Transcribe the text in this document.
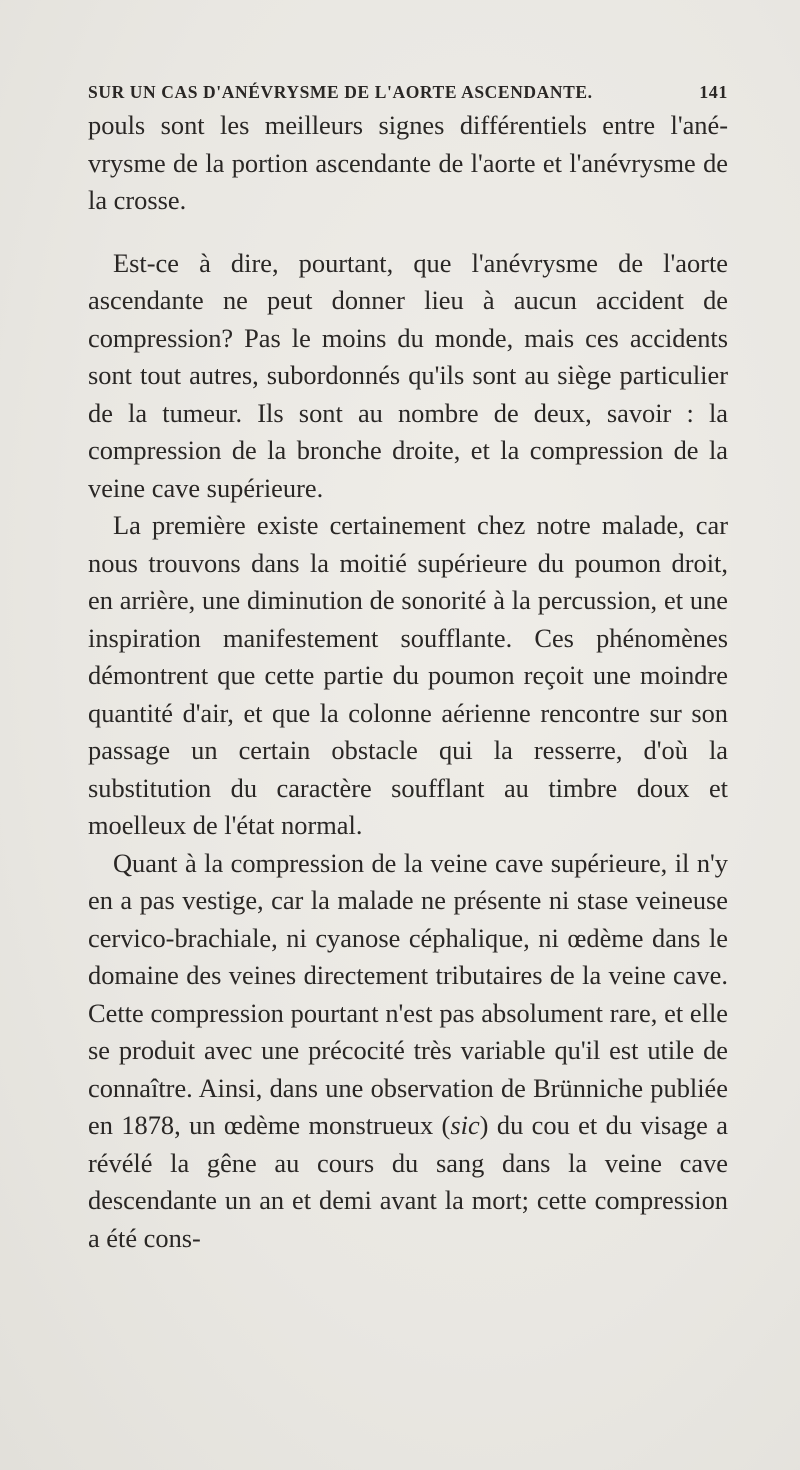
SUR UN CAS D'ANÉVRYSME DE L'AORTE ASCENDANTE.	141

pouls sont les meilleurs signes différentiels entre l'anévrysme de la portion ascendante de l'aorte et l'anévrysme de la crosse.

Est-ce à dire, pourtant, que l'anévrysme de l'aorte ascendante ne peut donner lieu à aucun accident de compression? Pas le moins du monde, mais ces accidents sont tout autres, subordonnés qu'ils sont au siège particulier de la tumeur. Ils sont au nombre de deux, savoir : la compression de la bronche droite, et la compression de la veine cave supérieure.

La première existe certainement chez notre malade, car nous trouvons dans la moitié supérieure du poumon droit, en arrière, une diminution de sonorité à la percussion, et une inspiration manifestement soufflante. Ces phénomènes démontrent que cette partie du poumon reçoit une moindre quantité d'air, et que la colonne aérienne rencontre sur son passage un certain obstacle qui la resserre, d'où la substitution du caractère soufflant au timbre doux et moelleux de l'état normal.

Quant à la compression de la veine cave supérieure, il n'y en a pas vestige, car la malade ne présente ni stase veineuse cervico-brachiale, ni cyanose céphalique, ni œdème dans le domaine des veines directement tributaires de la veine cave. Cette compression pourtant n'est pas absolument rare, et elle se produit avec une précocité très variable qu'il est utile de connaître. Ainsi, dans une observation de Brünniche publiée en 1878, un œdème monstrueux (sic) du cou et du visage a révélé la gêne au cours du sang dans la veine cave descendante un an et demi avant la mort; cette compression a été cons-
